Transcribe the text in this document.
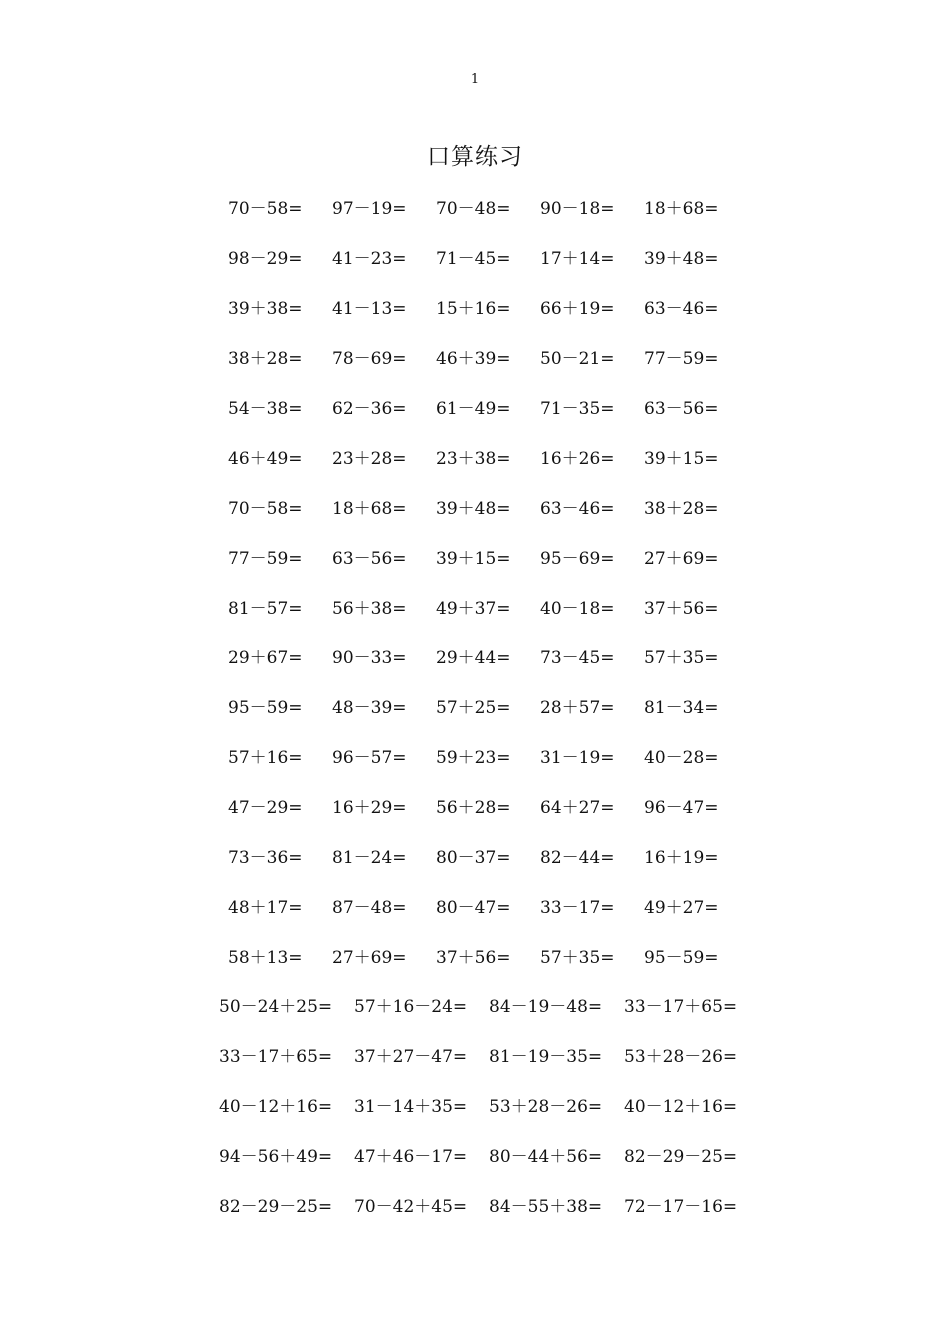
1
口算练习
70－58=	97－19=	70－48=	90－18=	18＋68=
98－29=	41－23=	71－45=	17＋14=	39＋48=
39＋38=	41－13=	15＋16=	66＋19=	63－46=
38＋28=	78－69=	46＋39=	50－21=	77－59=
54－38=	62－36=	61－49=	71－35=	63－56=
46＋49=	23＋28=	23＋38=	16＋26=	39＋15=
70－58=	18＋68=	39＋48=	63－46=	38＋28=
77－59=	63－56=	39＋15=	95－69=	27＋69=
81－57=	56＋38=	49＋37=	40－18=	37＋56=
29＋67=	90－33=	29＋44=	73－45=	57＋35=
95－59=	48－39=	57＋25=	28＋57=	81－34=
57＋16=	96－57=	59＋23=	31－19=	40－28=
47－29=	16＋29=	56＋28=	64＋27=	96－47=
73－36=	81－24=	80－37=	82－44=	16＋19=
48＋17=	87－48=	80－47=	33－17=	49＋27=
58＋13=	27＋69=	37＋56=	57＋35=	95－59=
50－24＋25=	57＋16－24=	84－19－48=	33－17＋65=
33－17＋65=	37＋27－47=	81－19－35=	53＋28－26=
40－12＋16=	31－14＋35=	53＋28－26=	40－12＋16=
94－56＋49=	47＋46－17=	80－44＋56=	82－29－25=
82－29－25=	70－42＋45=	84－55＋38=	72－17－16=
